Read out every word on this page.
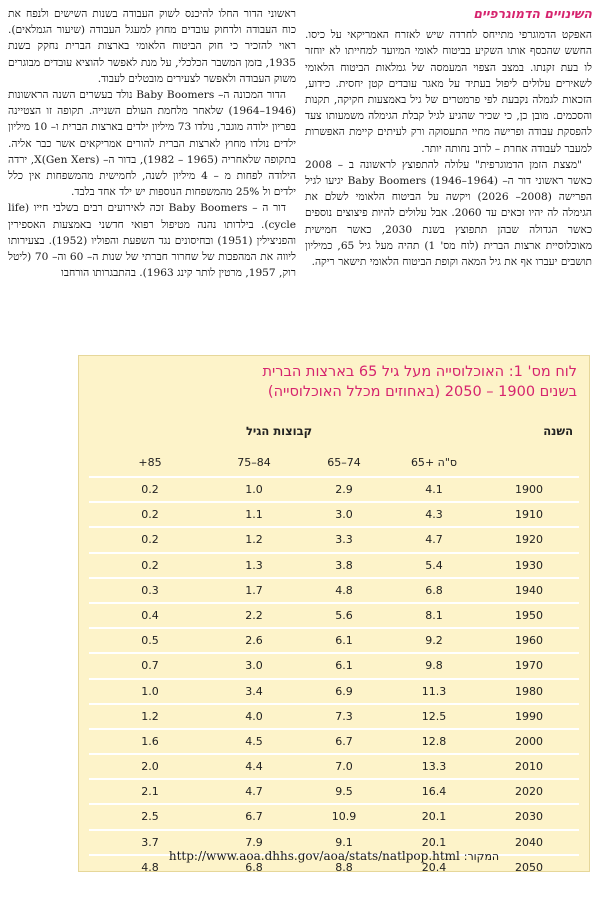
השינויים הדמוגרפיים

האפקט הדמוגרפי מתייחס לחרדה שיש לאזרח האמריקאי על כיסו. החשש שהכסף אותו השקיע בביטוח לאומי המיועד למחייתו לא יוחזר לו בעת זקנתו. במצב הצפוי המעמסה של גמלאות הביטוח הלאומי לשאירים עלולים ליפול בעתיד על מאגר עובדים קטן יחסית. כידוע, הזכאות לגמלה נקבעת לפי פרמטרים של גיל באמצעות חקיקה, תקנות והסכמים. מובן כן, כי שכיר שהגיע לגיל קבלת הגימלה משמעותו צעד להפסקת עבודה ופרישה מחיי התעסוקה ורק לעיתים קיימת האפשרות למעבר לעבודה אחרת – לרוב נחותה יותר.

"מצצת הזמן הדמוגרפית" עלולה להתפוצץ לראשונה ב – 2008 כאשר ראשוני דור ה– Baby Boomers (1946–1964) יגיעו לגיל הפרישה (2008– 2026) ויקשה על הביטוח הלאומי לשלם את הגימלה לה יהיו זכאים עד 2060. אבל עלולים להיות פיצוצים נוספים כאשר הגדולה שבהן תתפוצץ בשנת 2030, כאשר חמישית מאוכלוסיית ארצות הברית (לוח מס' 1) תהיה מעל גיל 65, כמיליון תושבים יעברו אף את גיל המאה וקופת הביטוח הלאומי תישאר ריקה.

ראשוני הדור החלו להיכנס לשוק העבודה בשנות השישים ולנפח את כוח העבודה ולדחוק עובדים מחוץ למעגל העבודה (שיעור הגמלאים). ראוי להזכיר כי חוק הביטוח הלאומי בארצות הברית נחקק בשנת 1935, בזמן המשבר הכלכלי, על מנת לאפשר להוציא עובדים מבוגרים משוק העבודה ולאפשר לצעירים מובטלים לעבוד.

הדור המכונה ה– Baby Boomers נולד בעשרים השנה הראשונות (1946–1964) שלאחר מלחמת העולם השנייה. תקופה זו הצטיינה בפריון ילודה מוגבר, נולדו 73 מיליון ילדים בארצות הברית ו– 10 מיליון ילדים נולדו מחוץ לארצות הברית להורים אמריקאים אשר כבר אליה. בתקופה שלאחריה (1965 – 1982), בדור ה– X(Gen Xers), ירדה הילודה לפחות מ – 4 מיליון לשנה, לחמישית מהמשפחות אין כלל ילדים ול 25% מהמשפחות הנוספות יש ילד אחד בלבד.

דור ה – Baby Boomers זכה לאירועים רבים בשלבי חייו (life cycle). בילדותו נהנה מטיפול רפואי חדשני באמצעות האספירין והפניצילין (1951) ובחיסונים נגד השפעת והפוליו (1952). בצעירותו ליווה את המהפכות של שחרור חברתי של שנות ה– 60 וה– 70 (ליטל רוק, 1957, מרטין לותר קינג 1963). בהתבגרותו הורחבו

לוח מס' 1: האוכלוסייה מעל גיל 65 בארצות הברית
בשנים 1900 – 2050 (באחוזים מכלל האוכלוסייה)
השנה
קבוצות הגיל
ס"ה +65
65–74
75–84
+85
1900
4.1
2.9
1.0
0.2
1910
4.3
3.0
1.1
0.2
1920
4.7
3.3
1.2
0.2
1930
5.4
3.8
1.3
0.2
1940
6.8
4.8
1.7
0.3
1950
8.1
5.6
2.2
0.4
1960
9.2
6.1
2.6
0.5
1970
9.8
6.1
3.0
0.7
1980
11.3
6.9
3.4
1.0
1990
12.5
7.3
4.0
1.2
2000
12.8
6.7
4.5
1.6
2010
13.3
7.0
4.4
2.0
2020
16.4
9.5
4.7
2.1
2030
20.1
10.9
6.7
2.5
2040
20.1
9.1
7.9
3.7
2050
20.4
8.8
6.8
4.8
המקור: http://www.aoa.dhhs.gov/aoa/stats/natlpop.html
